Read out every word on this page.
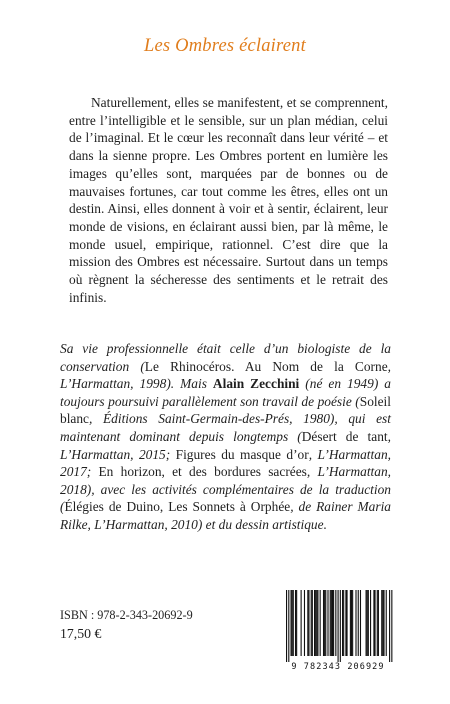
Les Ombres éclairent

Naturellement, elles se manifestent, et se comprennent, entre l’intelligible et le sensible, sur un plan médian, celui de l’imaginal. Et le cœur les reconnaît dans leur vérité – et dans la sienne propre. Les Ombres portent en lumière les images qu’elles sont, marquées par de bonnes ou de mauvaises fortunes, car tout comme les êtres, elles ont un destin. Ainsi, elles donnent à voir et à sentir, éclairent, leur monde de visions, en éclairant aussi bien, par là même, le monde usuel, empirique, rationnel. C’est dire que la mission des Ombres est nécessaire. Surtout dans un temps où règnent la sécheresse des sentiments et le retrait des infinis.

Sa vie professionnelle était celle d’un biologiste de la conservation (Le Rhinocéros. Au Nom de la Corne, L’Harmattan, 1998). Mais Alain Zecchini (né en 1949) a toujours poursuivi parallèlement son travail de poésie (Soleil blanc, Éditions Saint-Germain-des-Prés, 1980), qui est maintenant dominant depuis longtemps (Désert de tant, L’Harmattan, 2015; Figures du masque d’or, L’Harmattan, 2017; En horizon, et des bordures sacrées, L’Harmattan, 2018), avec les activités complémentaires de la traduction (Élégies de Duino, Les Sonnets à Orphée, de Rainer Maria Rilke, L’Harmattan, 2010) et du dessin artistique.

ISBN : 978-2-343-20692-9
17,50 €
9 782343 206929
